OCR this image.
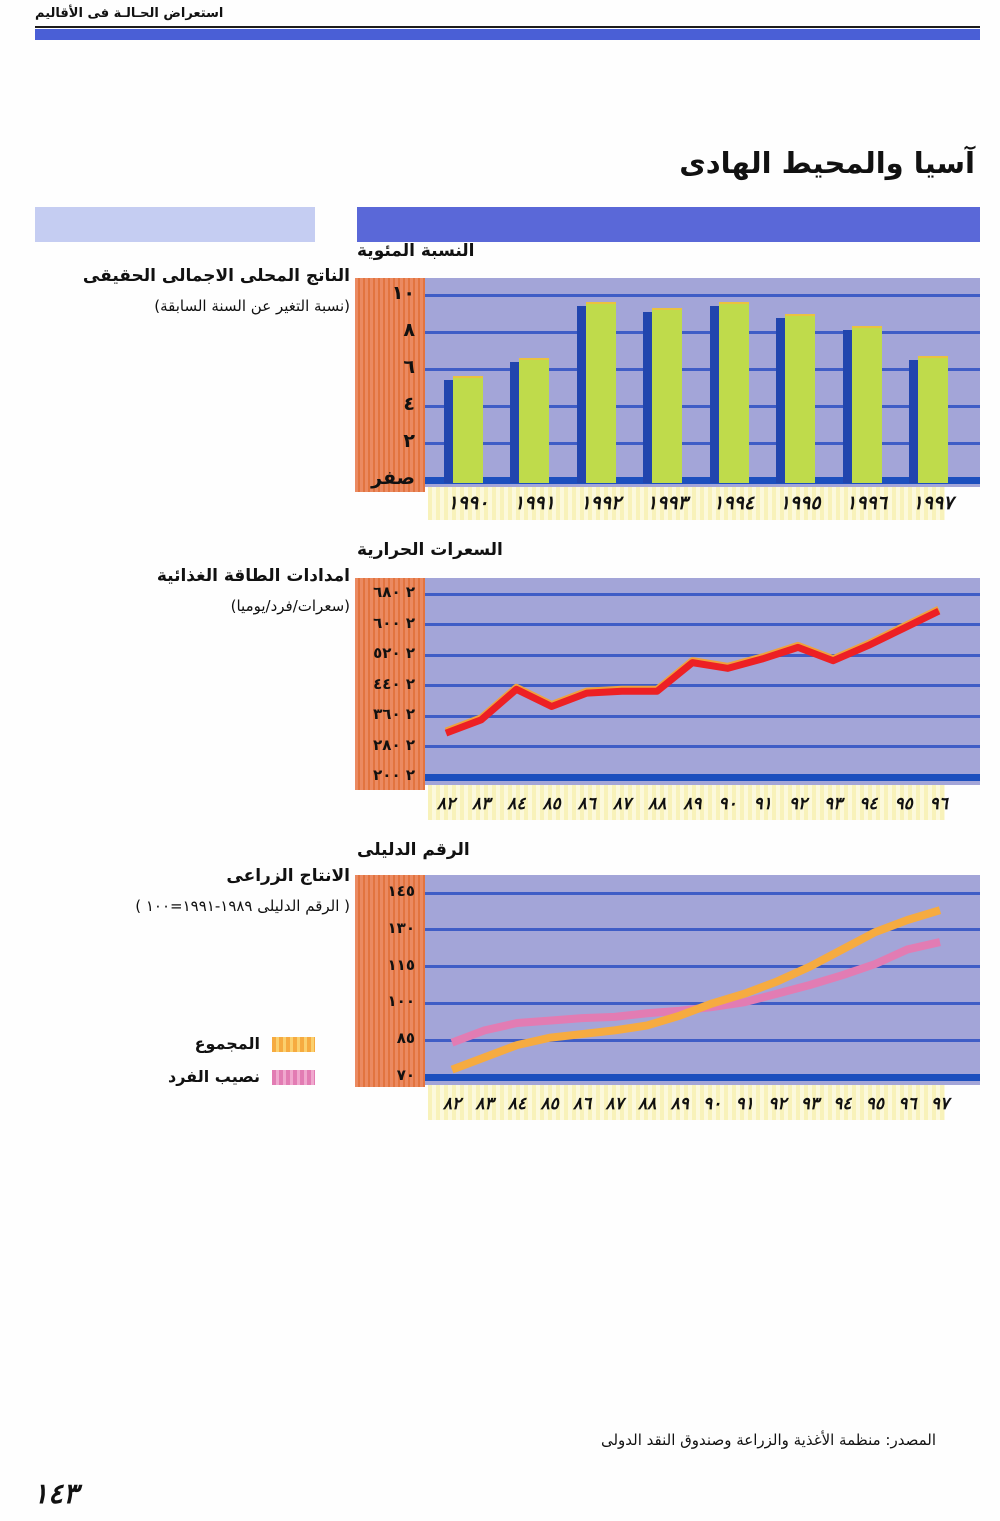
استعراض الحـالـة فى الأقاليم
آسيا والمحيط الهادى
النسبة المئوية
الناتج المحلى الاجمالى الحقيقى
(نسبة التغير عن السنة السابقة)
السعرات الحرارية
امدادات الطاقة الغذائية
(سعرات/فرد/يوميا)
الرقم الدليلى
الانتاج الزراعى
( الرقم الدليلى ١٩٨٩-١٩٩١=١٠٠ )
المجموع
نصيب الفرد
المصدر: منظمة الأغذية والزراعة وصندوق النقد الدولى
١٤٣
١٠
٨
٦
٤
٢
صفر
١٩٩٠ ١٩٩١ ١٩٩٢ ١٩٩٣ ١٩٩٤ ١٩٩٥ ١٩٩٦ ١٩٩٧
٢ ٦٨٠
٢ ٦٠٠
٢ ٥٢٠
٢ ٤٤٠
٢ ٣٦٠
٢ ٢٨٠
٢ ٢٠٠
٨٢ ٨٣ ٨٤ ٨٥ ٨٦ ٨٧ ٨٨ ٨٩ ٩٠ ٩١ ٩٢ ٩٣ ٩٤ ٩٥ ٩٦
١٤٥
١٣٠
١١٥
١٠٠
٨٥
٧٠
٨٢ ٨٣ ٨٤ ٨٥ ٨٦ ٨٧ ٨٨ ٨٩ ٩٠ ٩١ ٩٢ ٩٣ ٩٤ ٩٥ ٩٦ ٩٧
